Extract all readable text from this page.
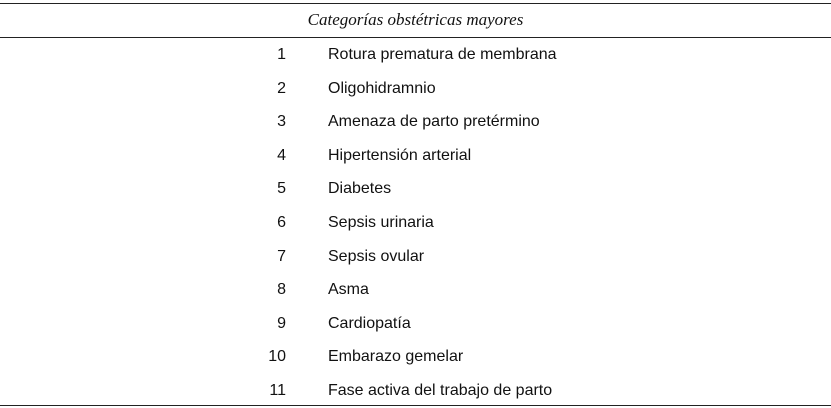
Categorías obstétricas mayores
1	Rotura prematura de membrana
2	Oligohidramnio
3	Amenaza de parto pretérmino
4	Hipertensión arterial
5	Diabetes
6	Sepsis urinaria
7	Sepsis ovular
8	Asma
9	Cardiopatía
10	Embarazo gemelar
11	Fase activa del trabajo de parto
